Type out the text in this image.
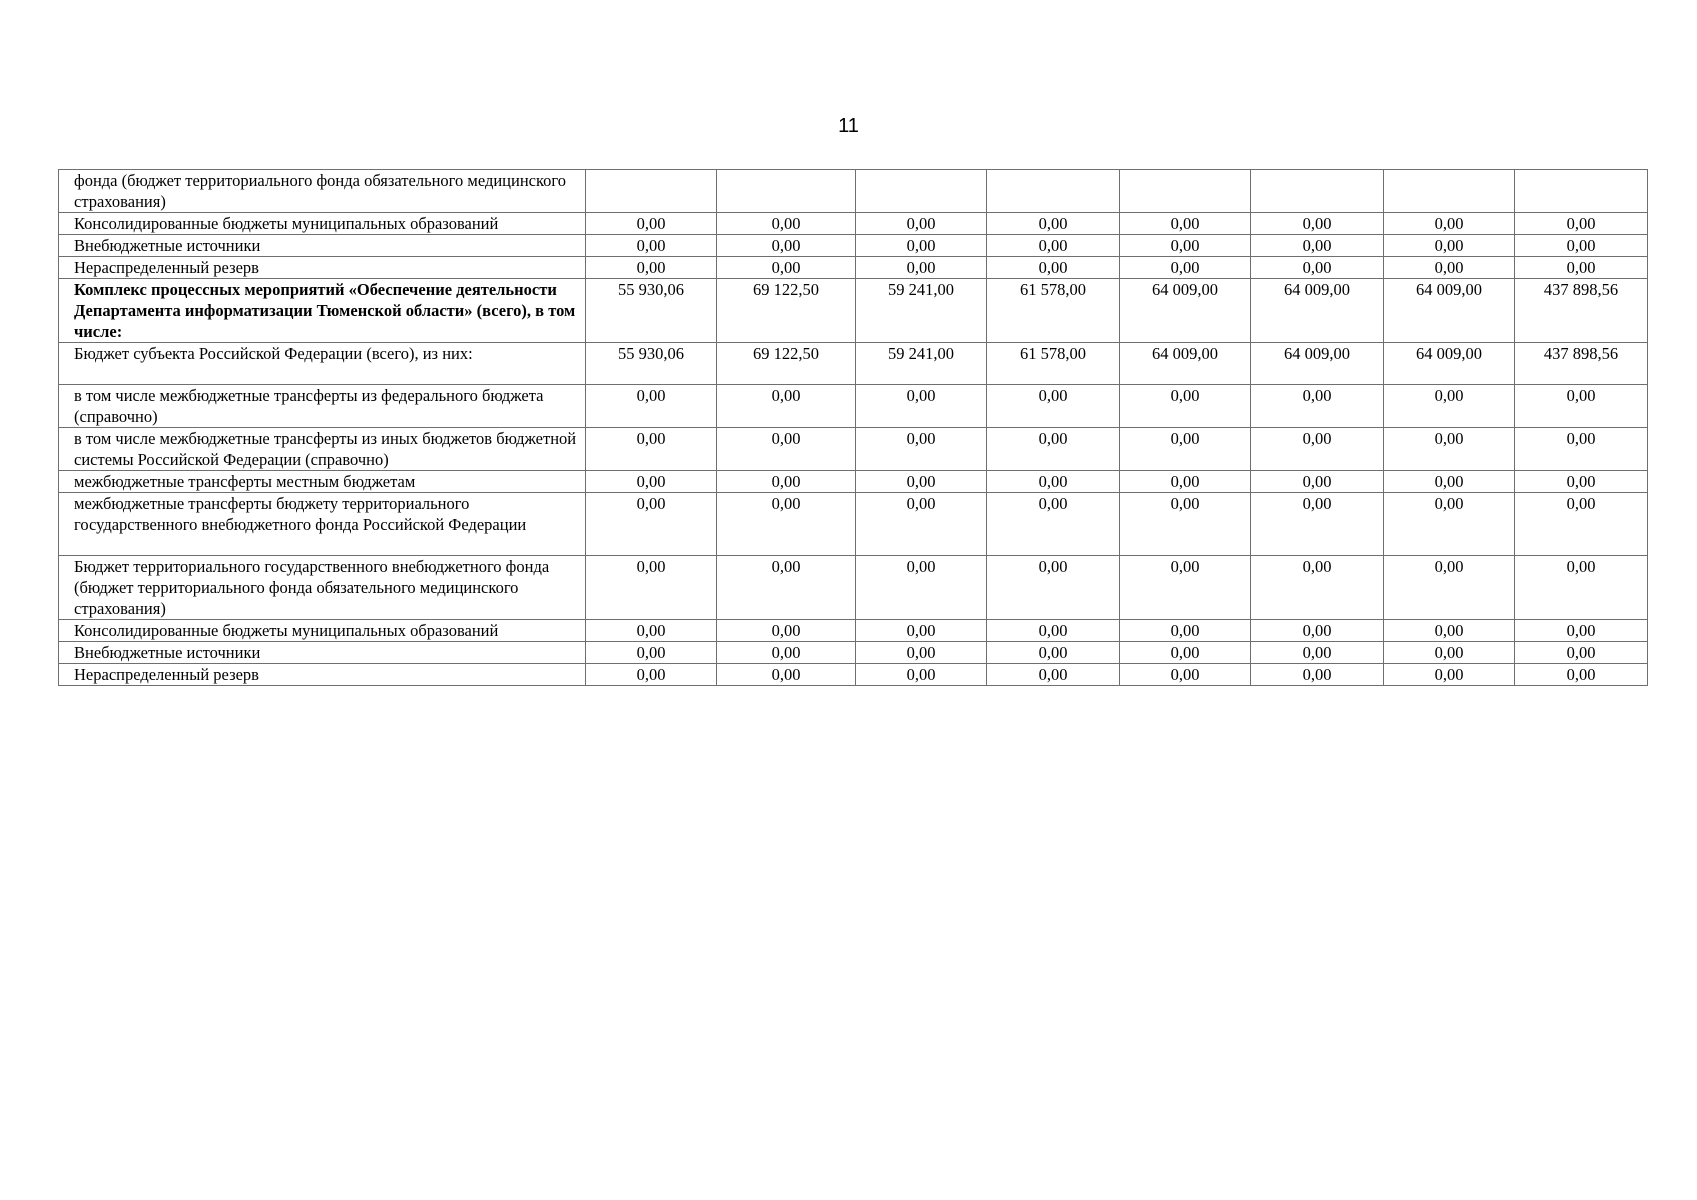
11
фонда (бюджет территориального фонда обязательного медицинского страхования)								
Консолидированные бюджеты муниципальных образований	0,00	0,00	0,00	0,00	0,00	0,00	0,00	0,00
Внебюджетные источники	0,00	0,00	0,00	0,00	0,00	0,00	0,00	0,00
Нераспределенный резерв	0,00	0,00	0,00	0,00	0,00	0,00	0,00	0,00
Комплекс процессных мероприятий «Обеспечение деятельности Департамента информатизации Тюменской области» (всего), в том числе:	55 930,06	69 122,50	59 241,00	61 578,00	64 009,00	64 009,00	64 009,00	437 898,56
Бюджет субъекта Российской Федерации (всего), из них:	55 930,06	69 122,50	59 241,00	61 578,00	64 009,00	64 009,00	64 009,00	437 898,56
в том числе межбюджетные трансферты из федерального бюджета (справочно)	0,00	0,00	0,00	0,00	0,00	0,00	0,00	0,00
в том числе межбюджетные трансферты из иных бюджетов бюджетной системы Российской Федерации (справочно)	0,00	0,00	0,00	0,00	0,00	0,00	0,00	0,00
межбюджетные трансферты местным бюджетам	0,00	0,00	0,00	0,00	0,00	0,00	0,00	0,00
межбюджетные трансферты бюджету территориального государственного внебюджетного фонда Российской Федерации	0,00	0,00	0,00	0,00	0,00	0,00	0,00	0,00
Бюджет территориального государственного внебюджетного фонда (бюджет территориального фонда обязательного медицинского страхования)	0,00	0,00	0,00	0,00	0,00	0,00	0,00	0,00
Консолидированные бюджеты муниципальных образований	0,00	0,00	0,00	0,00	0,00	0,00	0,00	0,00
Внебюджетные источники	0,00	0,00	0,00	0,00	0,00	0,00	0,00	0,00
Нераспределенный резерв	0,00	0,00	0,00	0,00	0,00	0,00	0,00	0,00
